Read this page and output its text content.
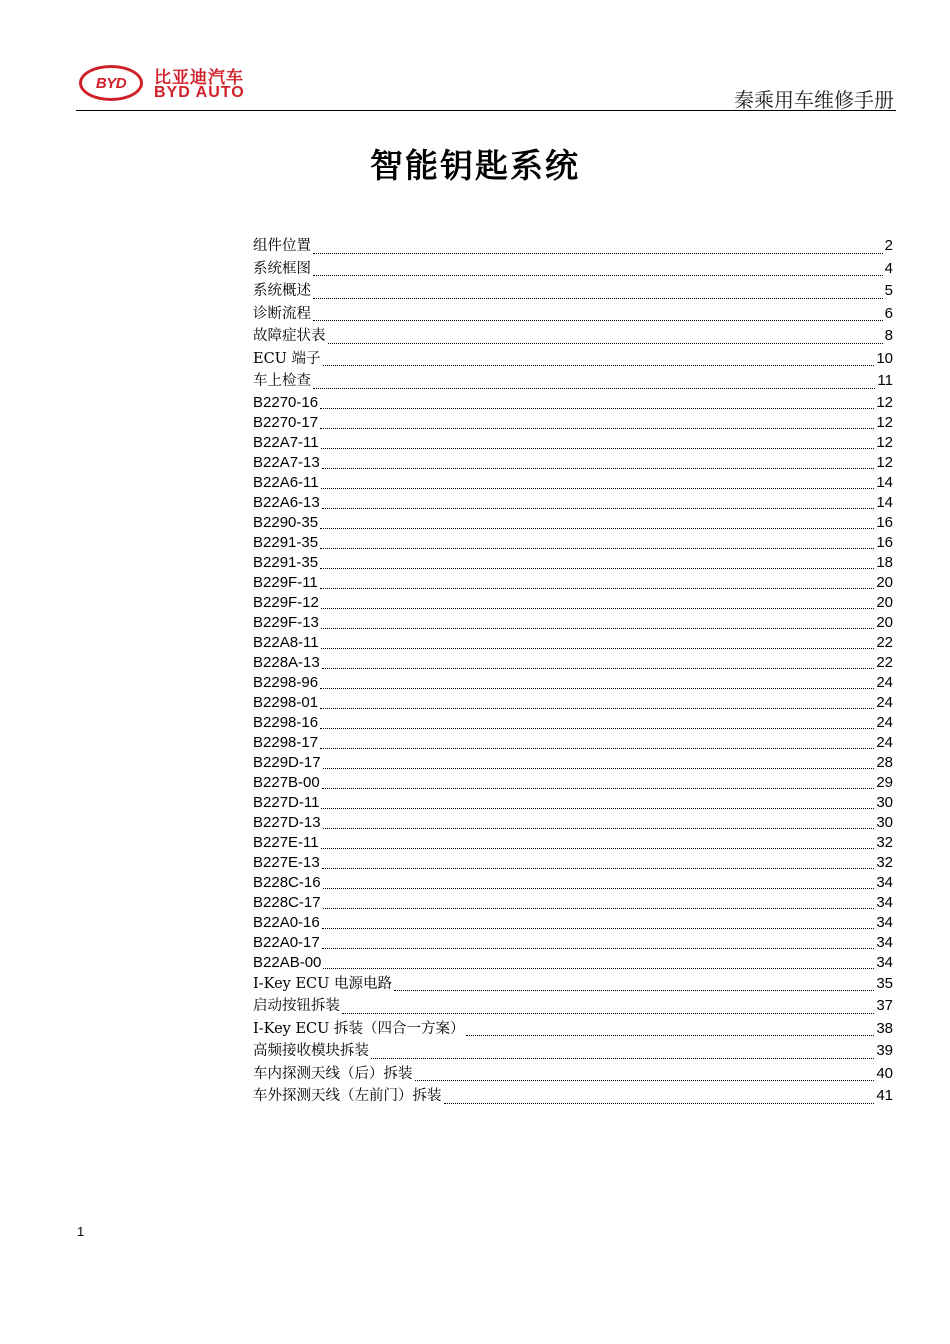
BYD	比亚迪汽车
BYD AUTO	秦乘用车维修手册
智能钥匙系统
组件位置	2
系统框图	4
系统概述	5
诊断流程	6
故障症状表	8
ECU 端子	10
车上检查	11
B2270-16	12
B2270-17	12
B22A7-11	12
B22A7-13	12
B22A6-11	14
B22A6-13	14
B2290-35	16
B2291-35	16
B2291-35	18
B229F-11	20
B229F-12	20
B229F-13	20
B22A8-11	22
B228A-13	22
B2298-96	24
B2298-01	24
B2298-16	24
B2298-17	24
B229D-17	28
B227B-00	29
B227D-11	30
B227D-13	30
B227E-11	32
B227E-13	32
B228C-16	34
B228C-17	34
B22A0-16	34
B22A0-17	34
B22AB-00	34
I-Key ECU 电源电路	35
启动按钮拆装	37
I-Key ECU 拆装（四合一方案）	38
高频接收模块拆装	39
车内探测天线（后）拆装	40
车外探测天线（左前门）拆装	41
1
